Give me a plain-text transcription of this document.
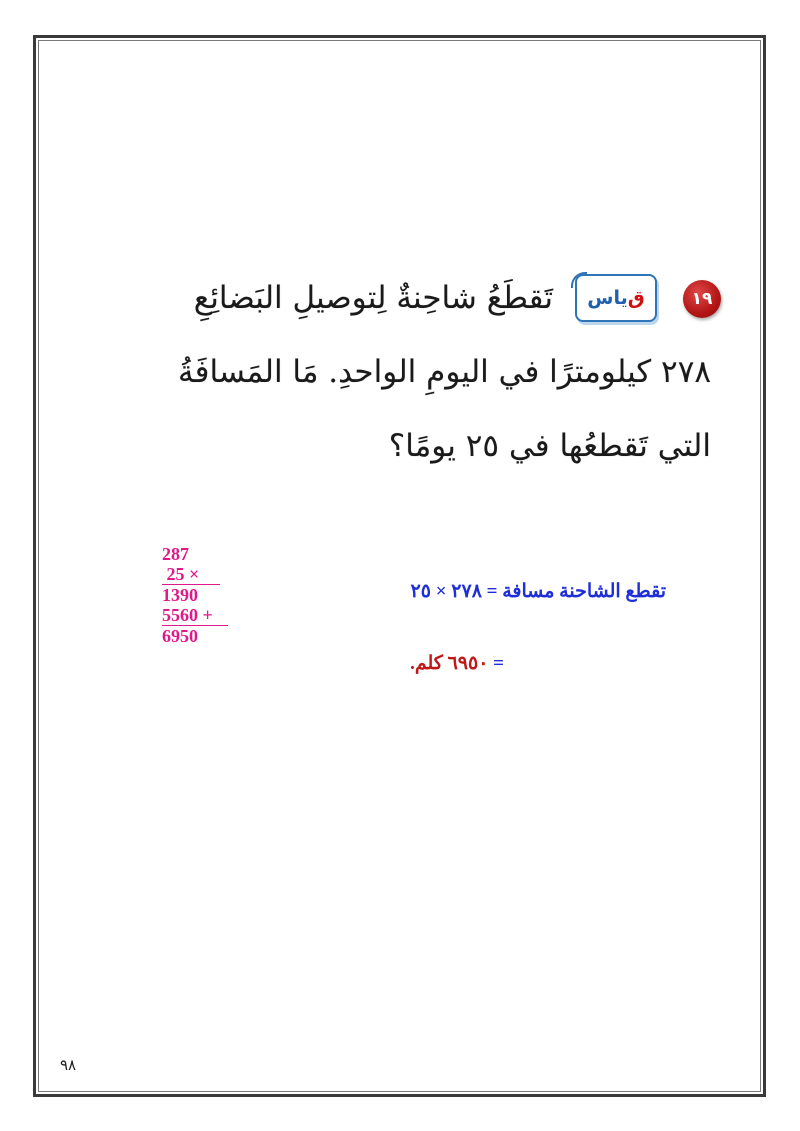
١٩
ق
ياس
تَقطَعُ شاحِنةٌ لِتوصيلِ البَضائِعِ
٢٧٨ كيلومترًا في اليومِ الواحدِ. مَا المَسافَةُ
التي تَقطعُها في ٢٥ يومًا؟
287
25 ×
1390
5560 +
6950
تقطع الشاحنة مسافة = ٢٧٨ × ٢٥
= ٦٩٥٠ كلم.
٩٨
